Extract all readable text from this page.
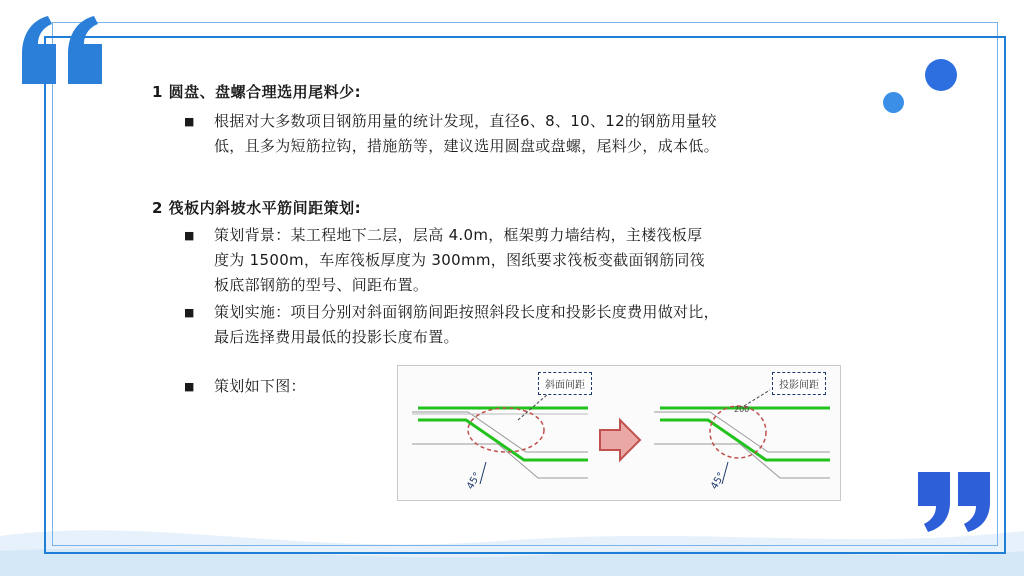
1 圆盘、盘螺合理选用尾料少:

■ 根据对大多数项目钢筋用量的统计发现，直径6、8、10、12的钢筋用量较
低，且多为短筋拉钩，措施筋等，建议选用圆盘或盘螺，尾料少，成本低。

2 筏板内斜坡水平筋间距策划:

■ 策划背景：某工程地下二层，层高 4.0m，框架剪力墙结构，主楼筏板厚
度为 1500m，车库筏板厚度为 300mm，图纸要求筏板变截面钢筋同筏
板底部钢筋的型号、间距布置。
■ 策划实施：项目分别对斜面钢筋间距按照斜段长度和投影长度费用做对比，
最后选择费用最低的投影长度布置。
■ 策划如下图：
45°
200
45°
斜面间距	投影间距
